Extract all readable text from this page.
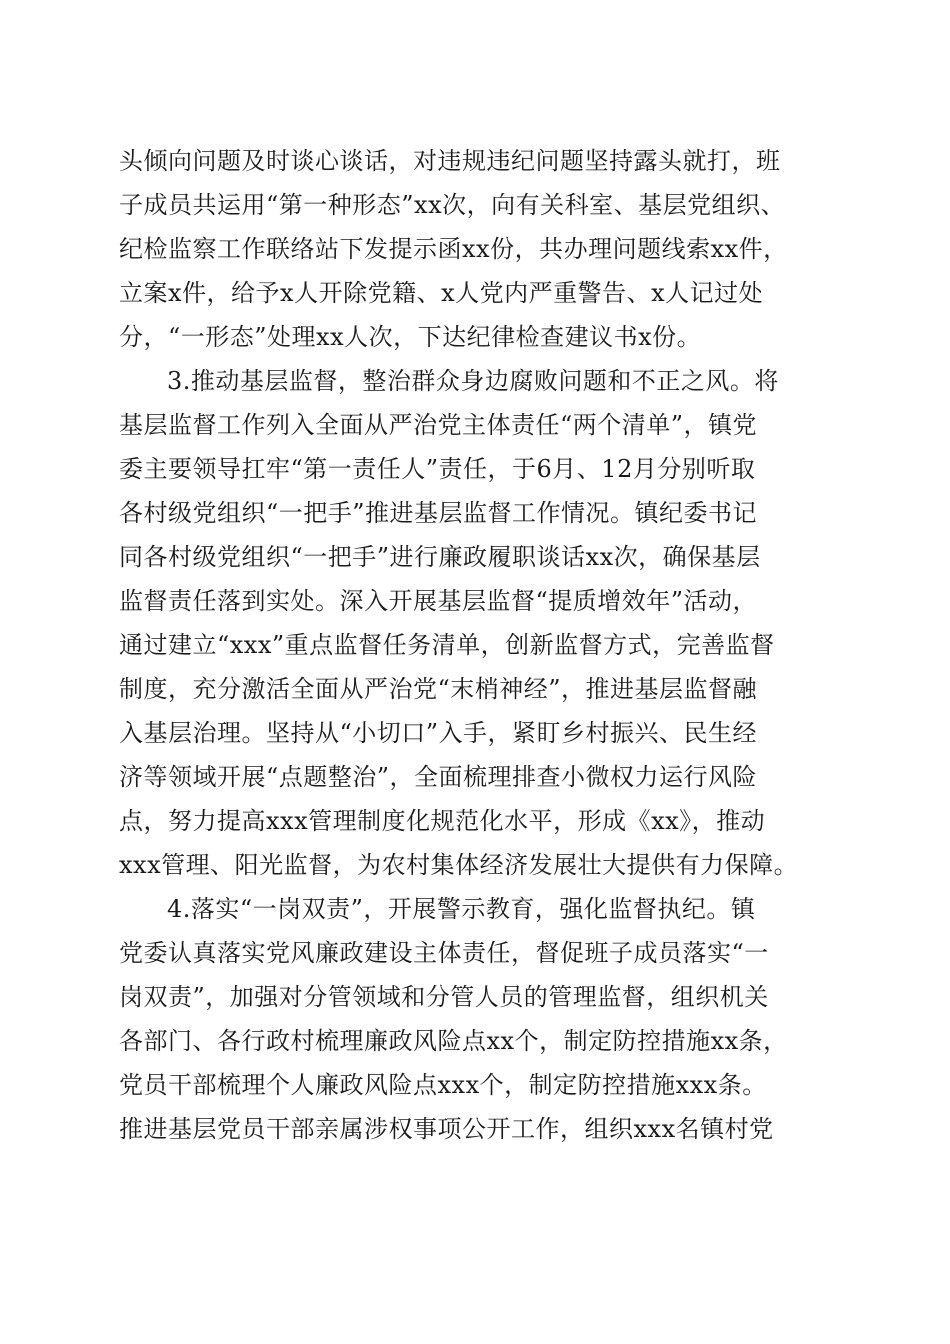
头倾向问题及时谈心谈话，对违规违纪问题坚持露头就打，班
子成员共运用“第一种形态”xx次，向有关科室、基层党组织、
纪检监察工作联络站下发提示函xx份，共办理问题线索xx件，
立案x件，给予x人开除党籍、x人党内严重警告、x人记过处
分，“一形态”处理xx人次，下达纪律检查建议书x份。
3.推动基层监督，整治群众身边腐败问题和不正之风。将
基层监督工作列入全面从严治党主体责任“两个清单”，镇党
委主要领导扛牢“第一责任人”责任，于6月、12月分别听取
各村级党组织“一把手”推进基层监督工作情况。镇纪委书记
同各村级党组织“一把手”进行廉政履职谈话xx次，确保基层
监督责任落到实处。深入开展基层监督“提质增效年”活动，
通过建立“xxx”重点监督任务清单，创新监督方式，完善监督
制度，充分激活全面从严治党“末梢神经”，推进基层监督融
入基层治理。坚持从“小切口”入手，紧盯乡村振兴、民生经
济等领域开展“点题整治”，全面梳理排查小微权力运行风险
点，努力提高xxx管理制度化规范化水平，形成《xx》，推动
xxx管理、阳光监督，为农村集体经济发展壮大提供有力保障。
4.落实“一岗双责”，开展警示教育，强化监督执纪。镇
党委认真落实党风廉政建设主体责任，督促班子成员落实“一
岗双责”，加强对分管领域和分管人员的管理监督，组织机关
各部门、各行政村梳理廉政风险点xx个，制定防控措施xx条，
党员干部梳理个人廉政风险点xxx个，制定防控措施xxx条。
推进基层党员干部亲属涉权事项公开工作，组织xxx名镇村党
